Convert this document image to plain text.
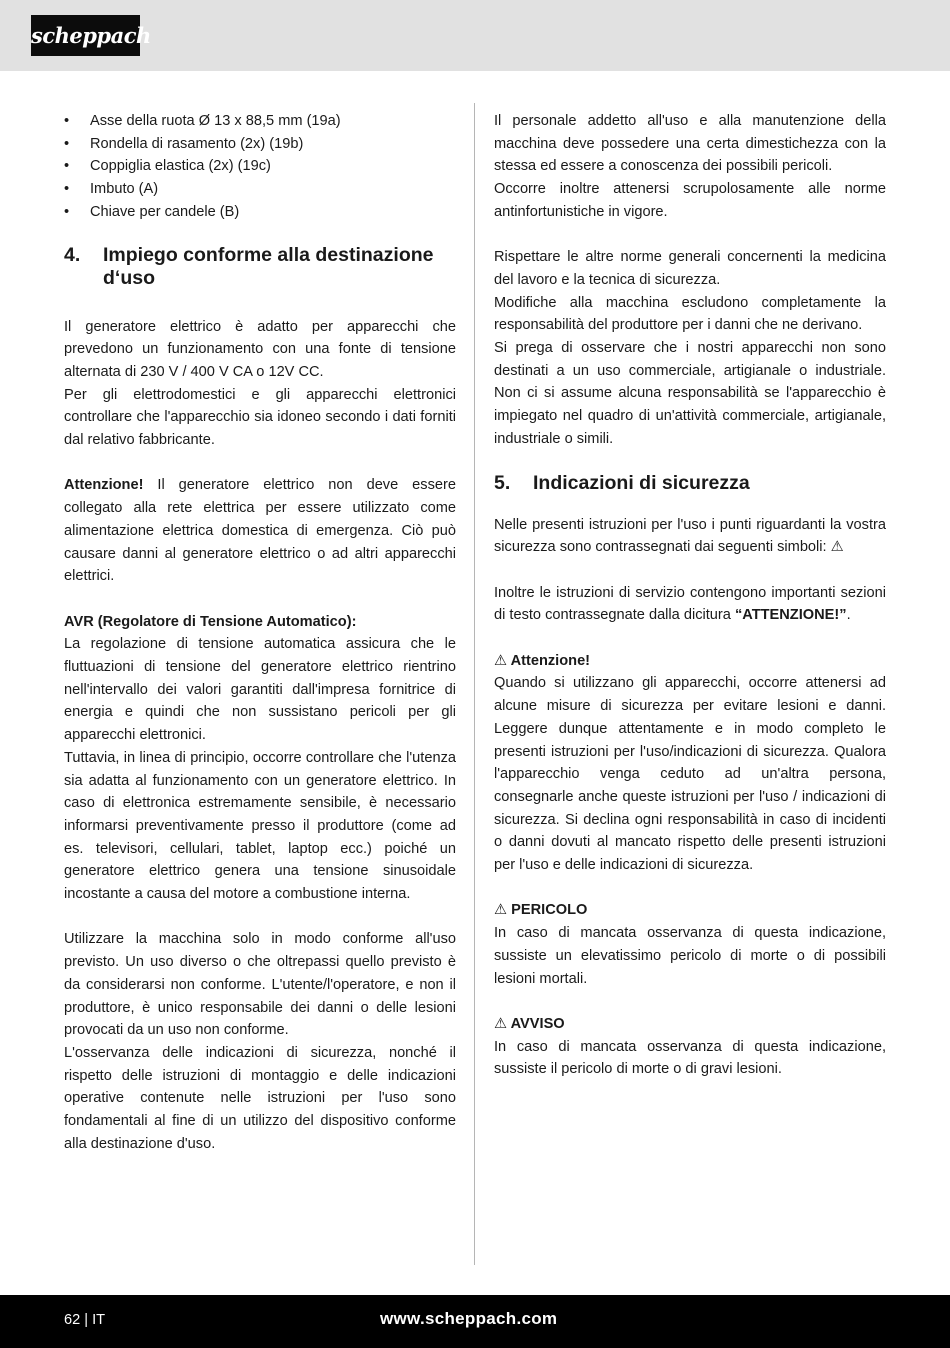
scheppach
• Asse della ruota Ø 13 x 88,5 mm (19a)
• Rondella di rasamento (2x) (19b)
• Coppiglia elastica (2x) (19c)
• Imbuto (A)
• Chiave per candele (B)
4.	Impiego conforme alla destinazione d‘uso

Il generatore elettrico è adatto per apparecchi che prevedono un funzionamento con una fonte di tensione alternata di 230 V / 400 V CA o 12V CC.

Per gli elettrodomestici e gli apparecchi elettronici controllare che l'apparecchio sia idoneo secondo i dati forniti dal relativo fabbricante.

Attenzione! Il generatore elettrico non deve essere collegato alla rete elettrica per essere utilizzato come alimentazione elettrica domestica di emergenza. Ciò può causare danni al generatore elettrico o ad altri apparecchi elettrici.

AVR (Regolatore di Tensione Automatico):

La regolazione di tensione automatica assicura che le fluttuazioni di tensione del generatore elettrico rientrino nell'intervallo dei valori garantiti dall'impresa fornitrice di energia e quindi che non sussistano pericoli per gli apparecchi elettronici.

Tuttavia, in linea di principio, occorre controllare che l'utenza sia adatta al funzionamento con un generatore elettrico. In caso di elettronica estremamente sensibile, è necessario informarsi preventivamente presso il produttore (come ad es. televisori, cellulari, tablet, laptop ecc.) poiché un generatore elettrico genera una tensione sinusoidale incostante a causa del motore a combustione interna.

Utilizzare la macchina solo in modo conforme all'uso previsto. Un uso diverso o che oltrepassi quello previsto è da considerarsi non conforme. L'utente/l'operatore, e non il produttore, è unico responsabile dei danni o delle lesioni provocati da un uso non conforme.

L'osservanza delle indicazioni di sicurezza, nonché il rispetto delle istruzioni di montaggio e delle indicazioni operative contenute nelle istruzioni per l'uso sono fondamentali al fine di un utilizzo del dispositivo conforme alla destinazione d'uso.

Il personale addetto all'uso e alla manutenzione della macchina deve possedere una certa dimestichezza con la stessa ed essere a conoscenza dei possibili pericoli.

Occorre inoltre attenersi scrupolosamente alle norme antinfortunistiche in vigore.

Rispettare le altre norme generali concernenti la medicina del lavoro e la tecnica di sicurezza.

Modifiche alla macchina escludono completamente la responsabilità del produttore per i danni che ne derivano.

Si prega di osservare che i nostri apparecchi non sono destinati a un uso commerciale, artigianale o industriale. Non ci si assume alcuna responsabilità se l'apparecchio è impiegato nel quadro di un'attività commerciale, artigianale, industriale o simili.

5.	Indicazioni di sicurezza

Nelle presenti istruzioni per l'uso i punti riguardanti la vostra sicurezza sono contrassegnati dai seguenti simboli: ⚠

Inoltre le istruzioni di servizio contengono importanti sezioni di testo contrassegnate dalla dicitura “ATTENZIONE!”.

⚠ Attenzione!

Quando si utilizzano gli apparecchi, occorre attenersi ad alcune misure di sicurezza per evitare lesioni e danni. Leggere dunque attentamente e in modo completo le presenti istruzioni per l'uso/indicazioni di sicurezza. Qualora l'apparecchio venga ceduto ad un'altra persona, consegnarle anche queste istruzioni per l'uso / indicazioni di sicurezza. Si declina ogni responsabilità in caso di incidenti o danni dovuti al mancato rispetto delle presenti istruzioni per l'uso e delle indicazioni di sicurezza.

⚠ PERICOLO

In caso di mancata osservanza di questa indicazione, sussiste un elevatissimo pericolo di morte o di possibili lesioni mortali.

⚠ AVVISO

In caso di mancata osservanza di questa indicazione, sussiste il pericolo di morte o di gravi lesioni.

62 | IT	www.scheppach.com
